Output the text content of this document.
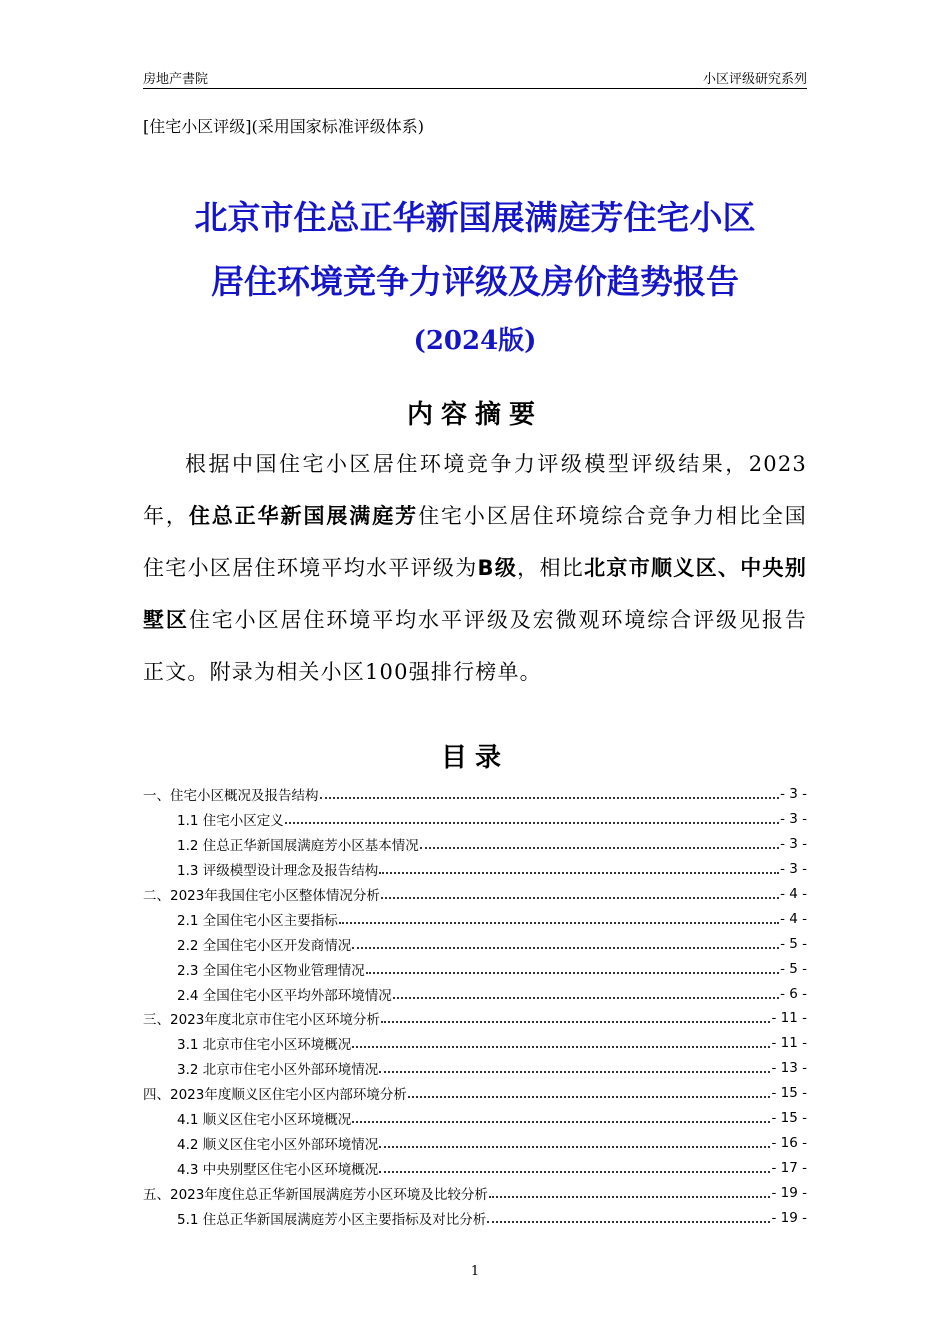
房地产書院	小区评级研究系列
[住宅小区评级](采用国家标准评级体系)
北京市住总正华新国展满庭芳住宅小区
居住环境竞争力评级及房价趋势报告
(2024版)
内容摘要
根据中国住宅小区居住环境竞争力评级模型评级结果，2023年，住总正华新国展满庭芳住宅小区居住环境综合竞争力相比全国住宅小区居住环境平均水平评级为B级，相比北京市顺义区、中央别墅区住宅小区居住环境平均水平评级及宏微观环境综合评级见报告正文。附录为相关小区100强排行榜单。
目录
一、住宅小区概况及报告结构	- 3 -
1.1 住宅小区定义	- 3 -
1.2 住总正华新国展满庭芳小区基本情况	- 3 -
1.3 评级模型设计理念及报告结构	- 3 -
二、2023年我国住宅小区整体情况分析	- 4 -
2.1 全国住宅小区主要指标	- 4 -
2.2 全国住宅小区开发商情况	- 5 -
2.3 全国住宅小区物业管理情况	- 5 -
2.4 全国住宅小区平均外部环境情况	- 6 -
三、2023年度北京市住宅小区环境分析	- 11 -
3.1 北京市住宅小区环境概况	- 11 -
3.2 北京市住宅小区外部环境情况	- 13 -
四、2023年度顺义区住宅小区内部环境分析	- 15 -
4.1 顺义区住宅小区环境概况	- 15 -
4.2 顺义区住宅小区外部环境情况	- 16 -
4.3 中央别墅区住宅小区环境概况	- 17 -
五、2023年度住总正华新国展满庭芳小区环境及比较分析	- 19 -
5.1 住总正华新国展满庭芳小区主要指标及对比分析	- 19 -
1
